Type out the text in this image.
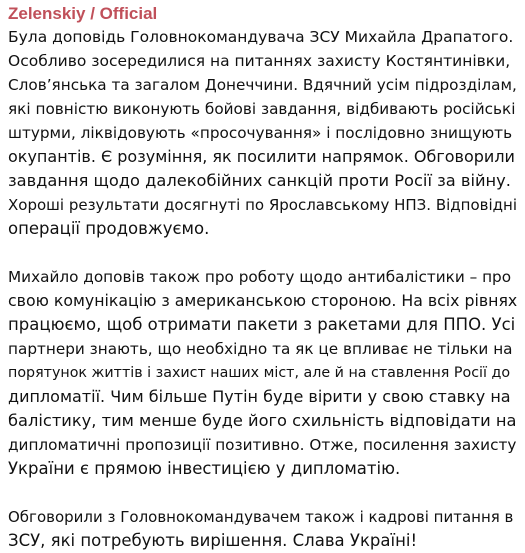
Zelenskiy / Official
Була доповідь Головнокомандувача ЗСУ Михайла Драпатого.
Особливо зосередилися на питаннях захисту Костянтинівки,
Слов’янська та загалом Донеччини. Вдячний усім підрозділам,
які повністю виконують бойові завдання, відбивають російські
штурми, ліквідовують «просочування» і послідовно знищують
окупантів. Є розуміння, як посилити напрямок. Обговорили
завдання щодо далекобійних санкцій проти Росії за війну.
Хороші результати досягнуті по Ярославському НПЗ. Відповідні
операції продовжуємо.
Михайло доповів також про роботу щодо антибалістики – про
свою комунікацію з американською стороною. На всіх рівнях
працюємо, щоб отримати пакети з ракетами для ППО. Усі
партнери знають, що необхідно та як це впливає не тільки на
порятунок життів і захист наших міст, але й на ставлення Росії до
дипломатії. Чим більше Путін буде вірити у свою ставку на
балістику, тим менше буде його схильність відповідати на
дипломатичні пропозиції позитивно. Отже, посилення захисту
України є прямою інвестицією у дипломатію.
Обговорили з Головнокомандувачем також і кадрові питання в
ЗСУ, які потребують вирішення. Слава Україні!
